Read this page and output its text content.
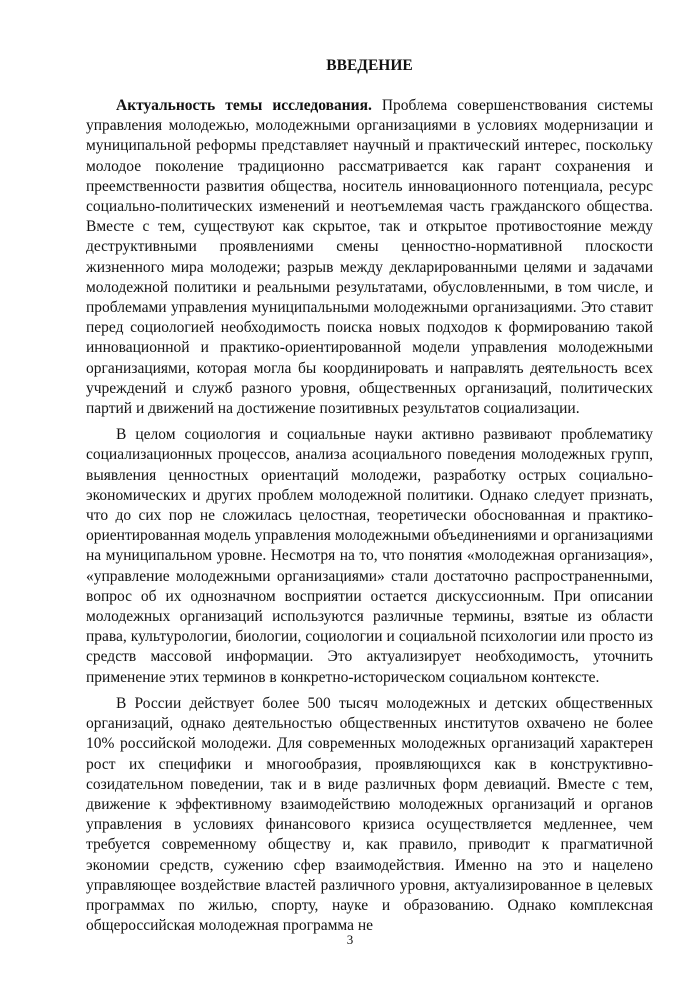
ВВЕДЕНИЕ

Актуальность темы исследования. Проблема совершенствования системы управления молодежью, молодежными организациями в условиях модернизации и муниципальной реформы представляет научный и практический интерес, поскольку молодое поколение традиционно рассматривается как гарант сохранения и преемственности развития общества, носитель инновационного потенциала, ресурс социально-политических изменений и неотъемлемая часть гражданского общества. Вместе с тем, существуют как скрытое, так и открытое противостояние между деструктивными проявлениями смены ценностно-нормативной плоскости жизненного мира молодежи; разрыв между декларированными целями и задачами молодежной политики и реальными результатами, обусловленными, в том числе, и проблемами управления муниципальными молодежными организациями. Это ставит перед социологией необходимость поиска новых подходов к формированию такой инновационной и практико-ориентированной модели управления молодежными организациями, которая могла бы координировать и направлять деятельность всех учреждений и служб разного уровня, общественных организаций, политических партий и движений на достижение позитивных результатов социализации.

В целом социология и социальные науки активно развивают проблематику социализационных процессов, анализа асоциального поведения молодежных групп, выявления ценностных ориентаций молодежи, разработку острых социально-экономических и других проблем молодежной политики. Однако следует признать, что до сих пор не сложилась целостная, теоретически обоснованная и практико-ориентированная модель управления молодежными объединениями и организациями на муниципальном уровне. Несмотря на то, что понятия «молодежная организация», «управление молодежными организациями» стали достаточно распространенными, вопрос об их однозначном восприятии остается дискуссионным. При описании молодежных организаций используются различные термины, взятые из области права, культурологии, биологии, социологии и социальной психологии или просто из средств массовой информации. Это актуализирует необходимость, уточнить применение этих терминов в конкретно-историческом социальном контексте.

В России действует более 500 тысяч молодежных и детских общественных организаций, однако деятельностью общественных институтов охвачено не более 10% российской молодежи. Для современных молодежных организаций характерен рост их специфики и многообразия, проявляющихся как в конструктивно-созидательном поведении, так и в виде различных форм девиаций. Вместе с тем, движение к эффективному взаимодействию молодежных организаций и органов управления в условиях финансового кризиса осуществляется медленнее, чем требуется современному обществу и, как правило, приводит к прагматичной экономии средств, сужению сфер взаимодействия. Именно на это и нацелено управляющее воздействие властей различного уровня, актуализированное в целевых программах по жилью, спорту, науке и образованию. Однако комплексная общероссийская молодежная программа не

3
